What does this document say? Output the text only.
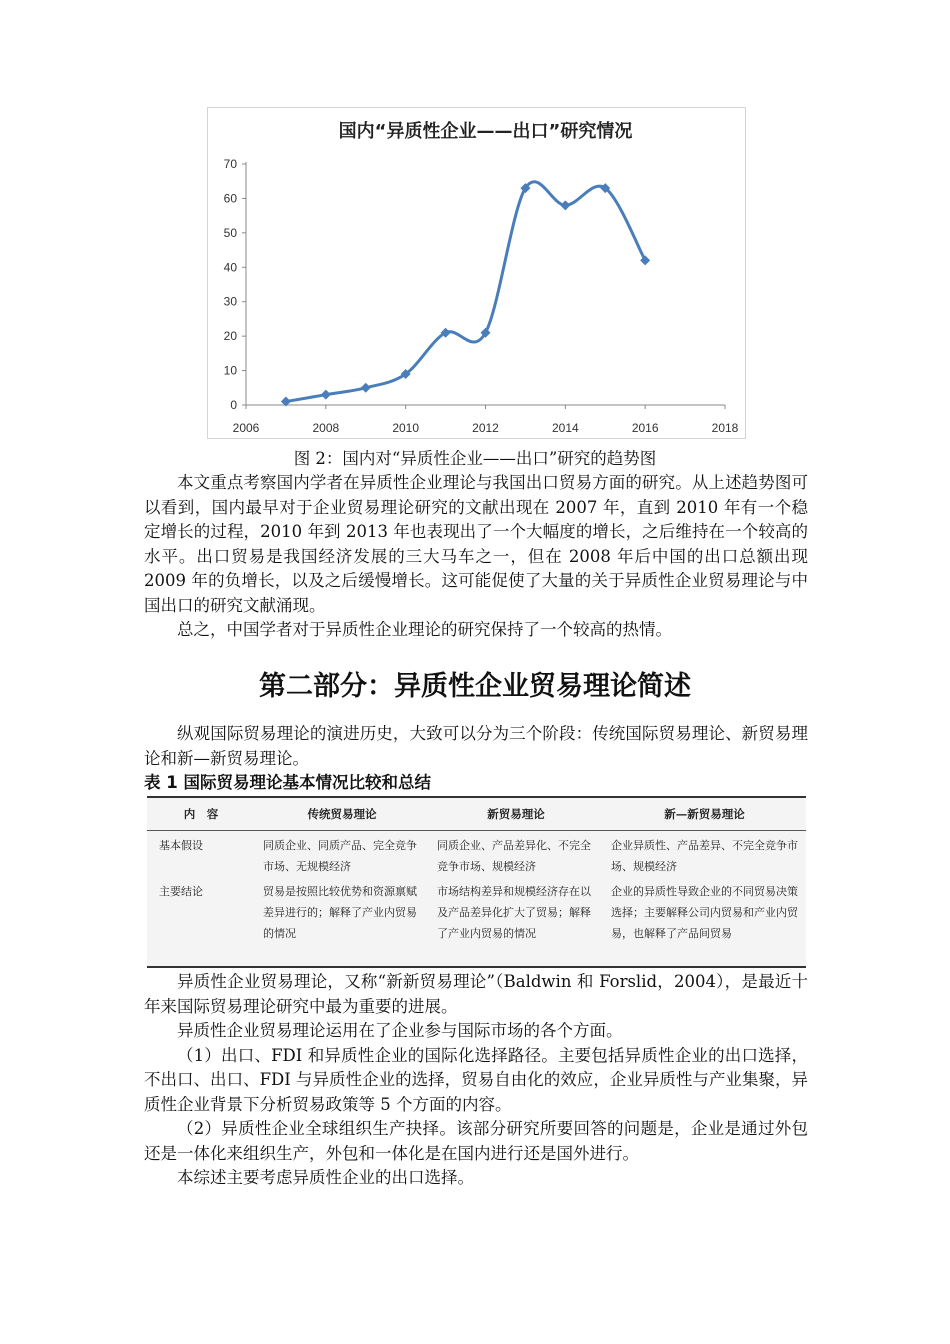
国内“异质性企业——出口”研究情况
0
10
20
30
40
50
60
70
2006	2008	2010	2012	2014	2016	2018
图 2：国内对“异质性企业——出口”研究的趋势图

本文重点考察国内学者在异质性企业理论与我国出口贸易方面的研究。从上述趋势图可以看到，国内最早对于企业贸易理论研究的文献出现在 2007 年，直到 2010 年有一个稳定增长的过程，2010 年到 2013 年也表现出了一个大幅度的增长，之后维持在一个较高的水平。出口贸易是我国经济发展的三大马车之一，但在 2008 年后中国的出口总额出现 2009 年的负增长，以及之后缓慢增长。这可能促使了大量的关于异质性企业贸易理论与中国出口的研究文献涌现。

总之，中国学者对于异质性企业理论的研究保持了一个较高的热情。

第二部分：异质性企业贸易理论简述

纵观国际贸易理论的演进历史，大致可以分为三个阶段：传统国际贸易理论、新贸易理论和新—新贸易理论。

表 1 国际贸易理论基本情况比较和总结
内　容	传统贸易理论	新贸易理论	新—新贸易理论
基本假设	同质企业、同质产品、完全竞争市场、无规模经济	同质企业、产品差异化、不完全竞争市场、规模经济	企业异质性、产品差异、不完全竞争市场、规模经济
主要结论	贸易是按照比较优势和资源禀赋差异进行的；解释了产业内贸易的情况	市场结构差异和规模经济存在以及产品差异化扩大了贸易；解释了产业内贸易的情况	企业的异质性导致企业的不同贸易决策选择；主要解释公司内贸易和产业内贸易，也解释了产品间贸易

异质性企业贸易理论，又称“新新贸易理论”（Baldwin 和 Forslid，2004），是最近十年来国际贸易理论研究中最为重要的进展。

异质性企业贸易理论运用在了企业参与国际市场的各个方面。

（1）出口、FDI 和异质性企业的国际化选择路径。主要包括异质性企业的出口选择，不出口、出口、FDI 与异质性企业的选择，贸易自由化的效应，企业异质性与产业集聚，异质性企业背景下分析贸易政策等 5 个方面的内容。

（2）异质性企业全球组织生产抉择。该部分研究所要回答的问题是，企业是通过外包还是一体化来组织生产，外包和一体化是在国内进行还是国外进行。

本综述主要考虑异质性企业的出口选择。
